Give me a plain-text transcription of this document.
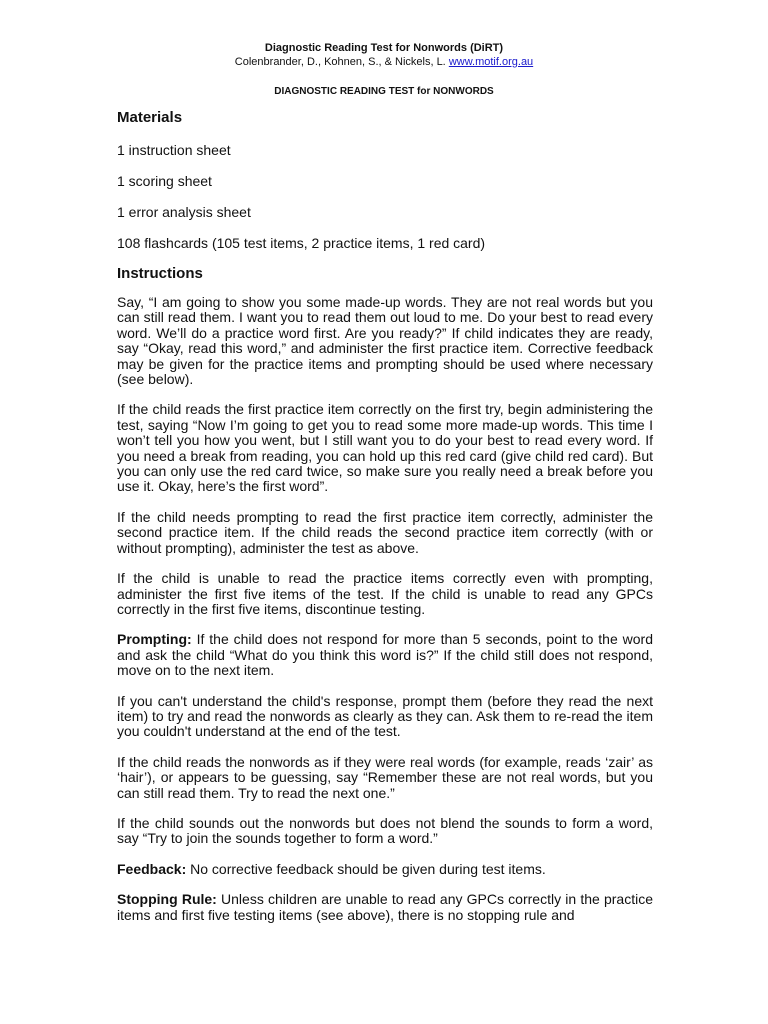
Diagnostic Reading Test for Nonwords (DiRT)
Colenbrander, D., Kohnen, S., & Nickels, L. www.motif.org.au
DIAGNOSTIC READING TEST for NONWORDS
Materials

1 instruction sheet

1 scoring sheet

1 error analysis sheet

108 flashcards (105 test items, 2 practice items, 1 red card)

Instructions

Say, “I am going to show you some made-up words. They are not real words but you can still read them. I want you to read them out loud to me. Do your best to read every word. We’ll do a practice word first. Are you ready?” If child indicates they are ready, say “Okay, read this word,” and administer the first practice item. Corrective feedback may be given for the practice items and prompting should be used where necessary (see below).

If the child reads the first practice item correctly on the first try, begin administering the test, saying “Now I’m going to get you to read some more made-up words. This time I won’t tell you how you went, but I still want you to do your best to read every word. If you need a break from reading, you can hold up this red card (give child red card). But you can only use the red card twice, so make sure you really need a break before you use it. Okay, here’s the first word”.

If the child needs prompting to read the first practice item correctly, administer the second practice item. If the child reads the second practice item correctly (with or without prompting), administer the test as above.

If the child is unable to read the practice items correctly even with prompting, administer the first five items of the test. If the child is unable to read any GPCs correctly in the first five items, discontinue testing.

Prompting: If the child does not respond for more than 5 seconds, point to the word and ask the child “What do you think this word is?” If the child still does not respond, move on to the next item.

If you can't understand the child's response, prompt them (before they read the next item) to try and read the nonwords as clearly as they can. Ask them to re-read the item you couldn't understand at the end of the test.

If the child reads the nonwords as if they were real words (for example, reads ‘zair’ as ‘hair’), or appears to be guessing, say “Remember these are not real words, but you can still read them. Try to read the next one.”

If the child sounds out the nonwords but does not blend the sounds to form a word, say “Try to join the sounds together to form a word.”

Feedback: No corrective feedback should be given during test items.

Stopping Rule: Unless children are unable to read any GPCs correctly in the practice items and first five testing items (see above), there is no stopping rule and
